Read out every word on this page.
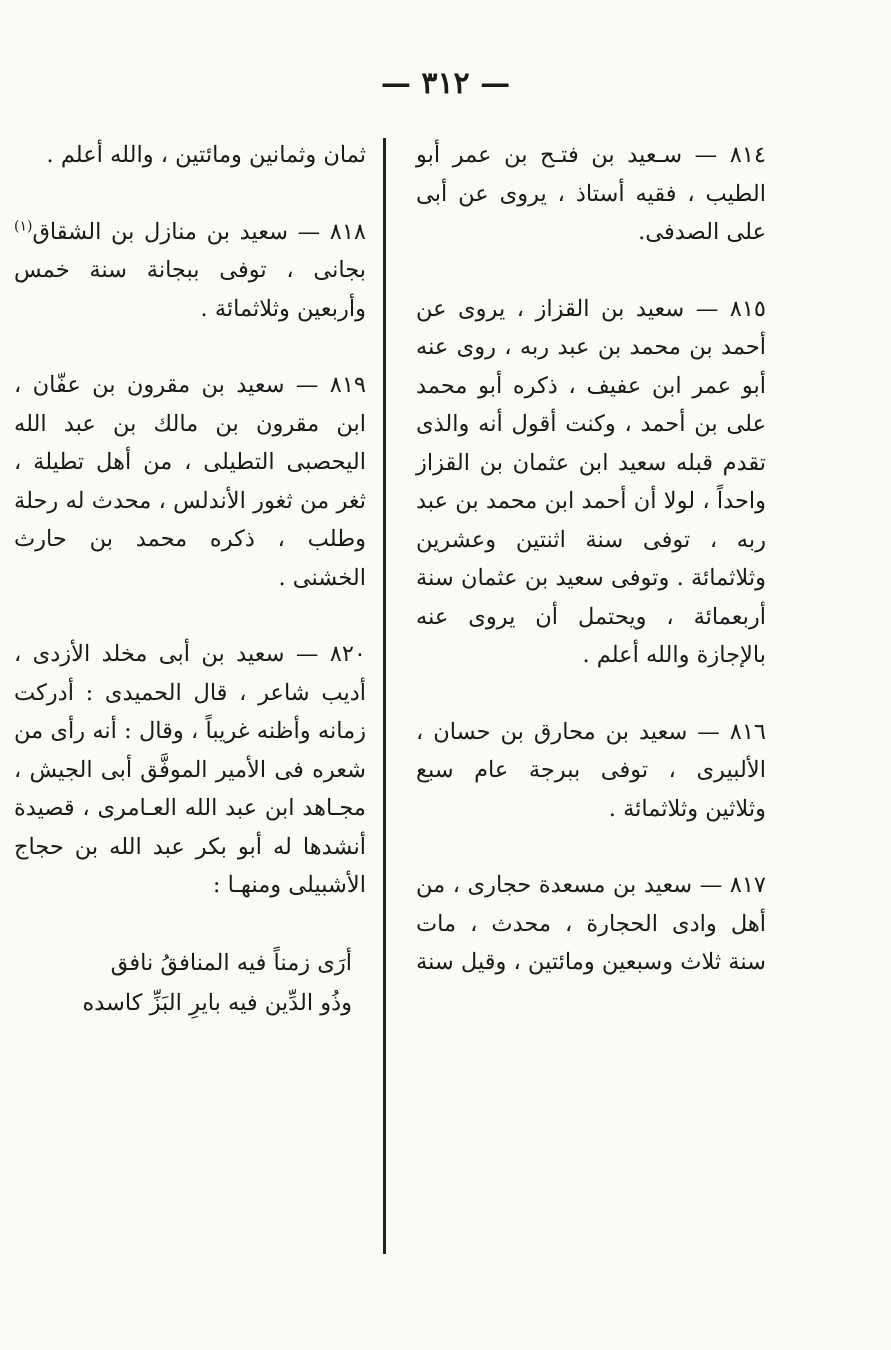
— ٣١٢ —

٨١٤ — سـعيد بن فتـح بن عمر أبو الطيب ، فقيه أستاذ ، يروى عن أبى على الصدفى.

٨١٥ — سعيد بن القزاز ، يروى عن أحمد بن محمد بن عبد ربه ، روى عنه أبو عمر ابن عفيف ، ذكره أبو محمد على بن أحمد ، وكنت أقول أنه والذى تقدم قبله سعيد ابن عثمان بن القزاز واحداً ، لولا أن أحمد ابن محمد بن عبد ربه ، توفى سنة اثنتين وعشرين وثلاثمائة . وتوفى سعيد بن عثمان سنة أربعمائة ، ويحتمل أن يروى عنه بالإجازة والله أعلم .

٨١٦ — سعيد بن محارق بن حسان ، الألبيرى ، توفى ببرجة عام سبع وثلاثين وثلاثمائة .

٨١٧ — سعيد بن مسعدة حجارى ، من أهل وادى الحجارة ، محدث ، مات سنة ثلاث وسبعين ومائتين ، وقيل سنة

ثمان وثمانين ومائتين ، والله أعلم .

٨١٨ — سعيد بن منازل بن الشقاق$^{(١)}$ بجانى ، توفى ببجانة سنة خمس وأربعين وثلاثمائة .

٨١٩ — سعيد بن مقرون بن عفّان ، ابن مقرون بن مالك بن عبد الله اليحصبى التطيلى ، من أهل تطيلة ، ثغر من ثغور الأندلس ، محدث له رحلة وطلب ، ذكره محمد بن حارث الخشنى .

٨٢٠ — سعيد بن أبى مخلد الأزدى ، أديب شاعر ، قال الحميدى : أدركت زمانه وأظنه غريباً ، وقال : أنه رأى من شعره فى الأمير الموفَّق أبى الجيش ، مجـاهد ابن عبد الله العـامرى ، قصيدة أنشدها له أبو بكر عبد الله بن حجاج الأشبيلى ومنهـا :

أرَى زمناً فيه المنافقُ نافق
وذُو الدِّين فيه بايرِ البَزِّ كاسده
